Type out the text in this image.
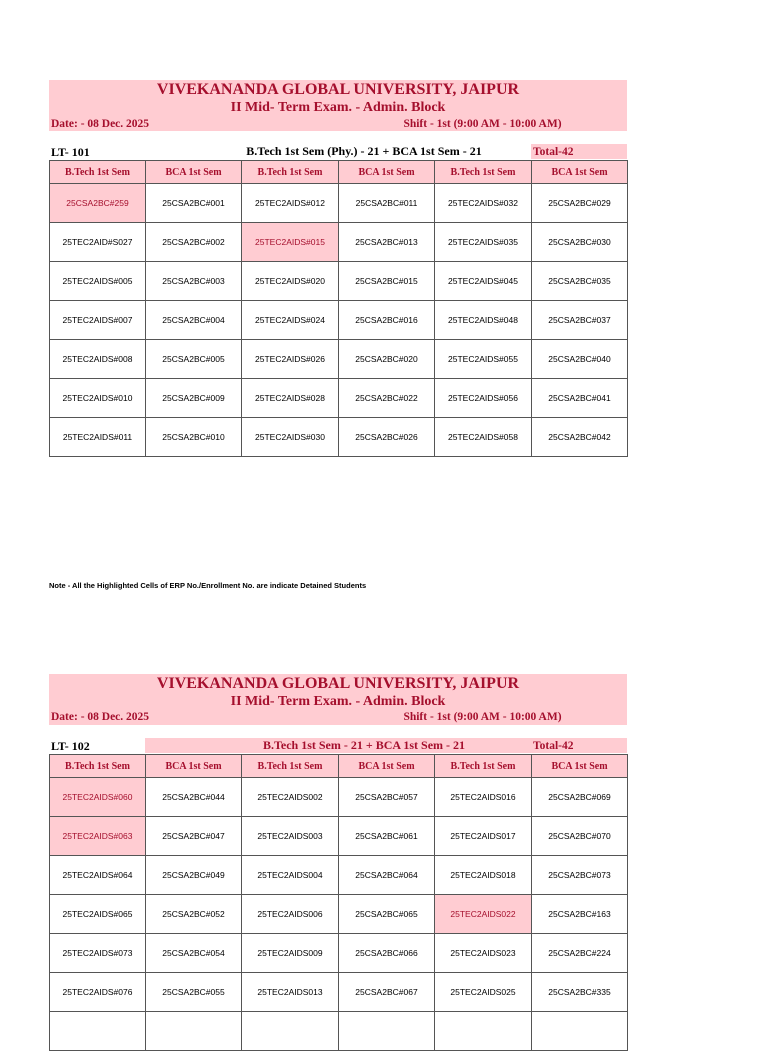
VIVEKANANDA GLOBAL UNIVERSITY, JAIPUR
II Mid- Term Exam. - Admin. Block
Date: - 08 Dec. 2025	Shift - 1st (9:00 AM - 10:00 AM)
LT- 101	B.Tech 1st Sem (Phy.) - 21 + BCA 1st Sem - 21	Total-42
B.Tech 1st Sem	BCA 1st Sem	B.Tech 1st Sem	BCA 1st Sem	B.Tech 1st Sem	BCA 1st Sem
25CSA2BC#259	25CSA2BC#001	25TEC2AIDS#012	25CSA2BC#011	25TEC2AIDS#032	25CSA2BC#029
25TEC2AID#S027	25CSA2BC#002	25TEC2AIDS#015	25CSA2BC#013	25TEC2AIDS#035	25CSA2BC#030
25TEC2AIDS#005	25CSA2BC#003	25TEC2AIDS#020	25CSA2BC#015	25TEC2AIDS#045	25CSA2BC#035
25TEC2AIDS#007	25CSA2BC#004	25TEC2AIDS#024	25CSA2BC#016	25TEC2AIDS#048	25CSA2BC#037
25TEC2AIDS#008	25CSA2BC#005	25TEC2AIDS#026	25CSA2BC#020	25TEC2AIDS#055	25CSA2BC#040
25TEC2AIDS#010	25CSA2BC#009	25TEC2AIDS#028	25CSA2BC#022	25TEC2AIDS#056	25CSA2BC#041
25TEC2AIDS#011	25CSA2BC#010	25TEC2AIDS#030	25CSA2BC#026	25TEC2AIDS#058	25CSA2BC#042
Note - All the Highlighted Cells of ERP No./Enrollment No. are indicate Detained Students
VIVEKANANDA GLOBAL UNIVERSITY, JAIPUR
II Mid- Term Exam. - Admin. Block
Date: - 08 Dec. 2025	Shift - 1st (9:00 AM - 10:00 AM)
LT- 102	B.Tech 1st Sem - 21 + BCA 1st Sem - 21	Total-42
B.Tech 1st Sem	BCA 1st Sem	B.Tech 1st Sem	BCA 1st Sem	B.Tech 1st Sem	BCA 1st Sem
25TEC2AIDS#060	25CSA2BC#044	25TEC2AIDS002	25CSA2BC#057	25TEC2AIDS016	25CSA2BC#069
25TEC2AIDS#063	25CSA2BC#047	25TEC2AIDS003	25CSA2BC#061	25TEC2AIDS017	25CSA2BC#070
25TEC2AIDS#064	25CSA2BC#049	25TEC2AIDS004	25CSA2BC#064	25TEC2AIDS018	25CSA2BC#073
25TEC2AIDS#065	25CSA2BC#052	25TEC2AIDS006	25CSA2BC#065	25TEC2AIDS022	25CSA2BC#163
25TEC2AIDS#073	25CSA2BC#054	25TEC2AIDS009	25CSA2BC#066	25TEC2AIDS023	25CSA2BC#224
25TEC2AIDS#076	25CSA2BC#055	25TEC2AIDS013	25CSA2BC#067	25TEC2AIDS025	25CSA2BC#335
